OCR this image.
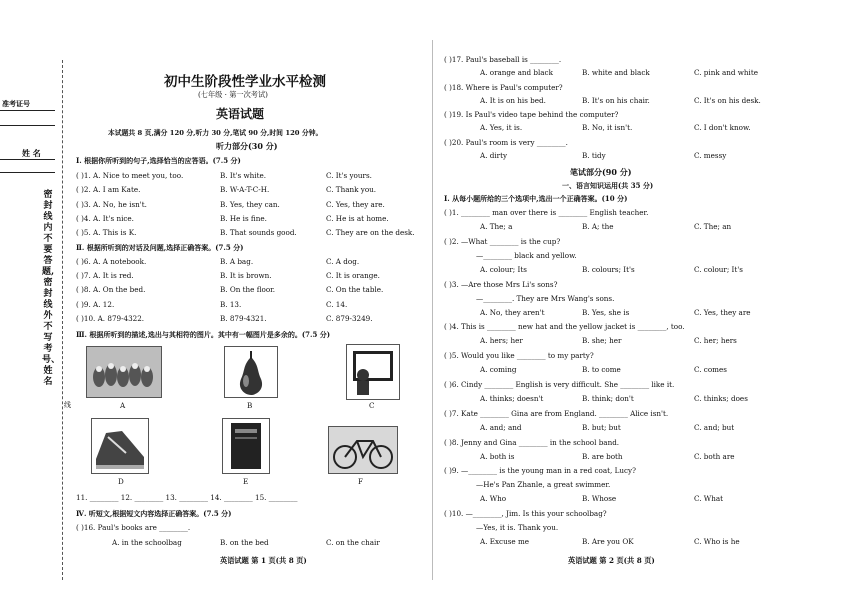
准考证号
姓 名
密封线内不要答题,密封线外不写考号、姓名
线
初中生阶段性学业水平检测
(七年级 · 第一次考试)
英语试题
本试题共 8 页,满分 120 分,听力 30 分,笔试 90 分,时间 120 分钟。
听力部分(30 分)
Ⅰ. 根据你所听到的句子,选择恰当的应答语。(7.5 分)
( )1. A. Nice to meet you, too.	B. It's white.	C. It's yours.
( )2. A. I am Kate.	B. W-A-T-C-H.	C. Thank you.
( )3. A. No, he isn't.	B. Yes, they can.	C. Yes, they are.
( )4. A. It's nice.	B. He is fine.	C. He is at home.
( )5. A. This is K.	B. That sounds good.	C. They are on the desk.
Ⅱ. 根据所听到的对话及问题,选择正确答案。(7.5 分)
( )6. A. A notebook.	B. A bag.	C. A dog.
( )7. A. It is red.	B. It is brown.	C. It is orange.
( )8. A. On the bed.	B. On the floor.	C. On the table.
( )9. A. 12.	B. 13.	C. 14.
( )10. A. 879-4322.	B. 879-4321.	C. 879-3249.
Ⅲ. 根据所听到的描述,选出与其相符的图片。其中有一幅图片是多余的。(7.5 分)
A	B	C
D	E	F
11. ________ 12. ________ 13. ________ 14. ________ 15. ________
Ⅳ. 听短文,根据短文内容选择正确答案。(7.5 分)
( )16. Paul's books are ________.
A. in the schoolbag	B. on the bed	C. on the chair
英语试题 第 1 页(共 8 页)
( )17. Paul's baseball is ________.
A. orange and black	B. white and black	C. pink and white
( )18. Where is Paul's computer?
A. It is on his bed.	B. It's on his chair.	C. It's on his desk.
( )19. Is Paul's video tape behind the computer?
A. Yes, it is.	B. No, it isn't.	C. I don't know.
( )20. Paul's room is very ________.
A. dirty	B. tidy	C. messy
笔试部分(90 分)
一、语言知识运用(共 35 分)
Ⅰ. 从每小题所给的三个选项中,选出一个正确答案。(10 分)
( )1. ________ man over there is ________ English teacher.
A. The; a	B. A; the	C. The; an
( )2. —What ________ is the cup?
—________ black and yellow.
A. colour; Its	B. colours; It's	C. colour; It's
( )3. —Are those Mrs Li's sons?
—________. They are Mrs Wang's sons.
A. No, they aren't	B. Yes, she is	C. Yes, they are
( )4. This is ________ new hat and the yellow jacket is ________, too.
A. hers; her	B. she; her	C. her; hers
( )5. Would you like ________ to my party?
A. coming	B. to come	C. comes
( )6. Cindy ________ English is very difficult. She ________ like it.
A. thinks; doesn't	B. think; don't	C. thinks; does
( )7. Kate ________ Gina are from England. ________ Alice isn't.
A. and; and	B. but; but	C. and; but
( )8. Jenny and Gina ________ in the school band.
A. both is	B. are both	C. both are
( )9. —________ is the young man in a red coat, Lucy?
—He's Pan Zhanle, a great swimmer.
A. Who	B. Whose	C. What
( )10. —________, Jim. Is this your schoolbag?
—Yes, it is. Thank you.
A. Excuse me	B. Are you OK	C. Who is he
英语试题 第 2 页(共 8 页)
